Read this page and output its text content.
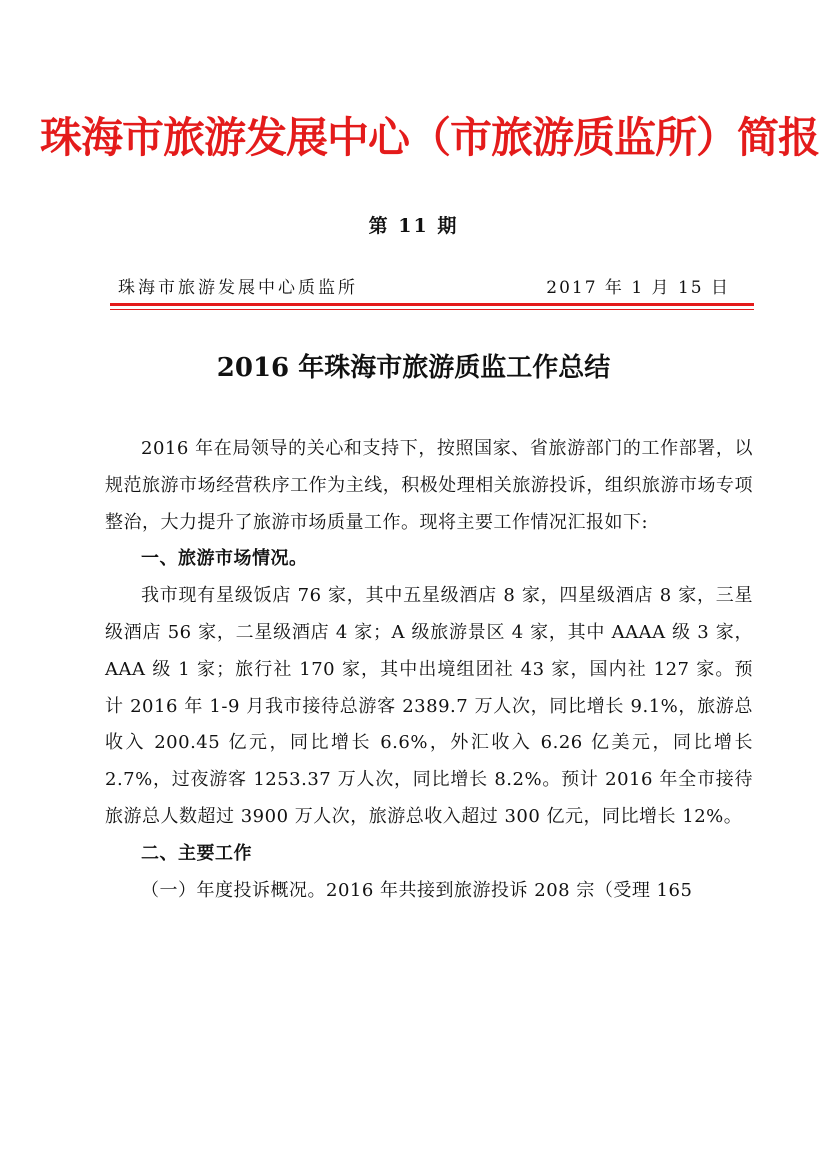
珠海市旅游发展中心（市旅游质监所）简报
第 11 期
珠海市旅游发展中心质监所	2017 年 1 月 15 日
2016 年珠海市旅游质监工作总结

2016 年在局领导的关心和支持下，按照国家、省旅游部门的工作部署，以规范旅游市场经营秩序工作为主线，积极处理相关旅游投诉，组织旅游市场专项整治，大力提升了旅游市场质量工作。现将主要工作情况汇报如下:

一、旅游市场情况。

我市现有星级饭店 76 家，其中五星级酒店 8 家，四星级酒店 8 家，三星级酒店 56 家，二星级酒店 4 家；A 级旅游景区 4 家，其中 AAAA 级 3 家，AAA 级 1 家；旅行社 170 家，其中出境组团社 43 家，国内社 127 家。预计 2016 年 1-9 月我市接待总游客 2389.7 万人次，同比增长 9.1%，旅游总收入 200.45 亿元，同比增长 6.6%，外汇收入 6.26 亿美元，同比增长 2.7%，过夜游客 1253.37 万人次，同比增长 8.2%。预计 2016 年全市接待旅游总人数超过 3900 万人次，旅游总收入超过 300 亿元，同比增长 12%。

二、主要工作

（一）年度投诉概况。2016 年共接到旅游投诉 208 宗（受理 165
